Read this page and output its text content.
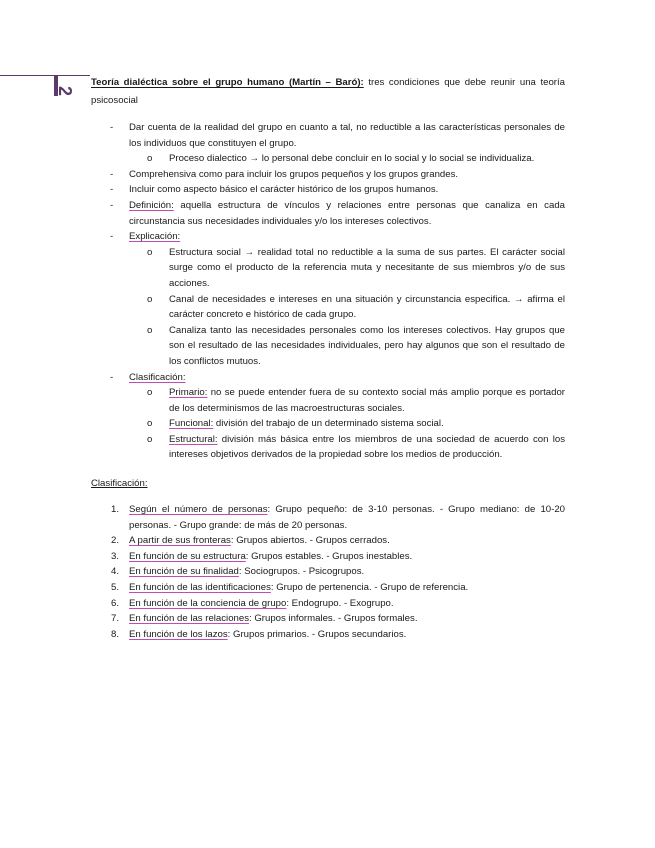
2
Teoría dialéctica sobre el grupo humano (Martín – Baró): tres condiciones que debe reunir una teoría psicosocial
- Dar cuenta de la realidad del grupo en cuanto a tal, no reductible a las características personales de los individuos que constituyen el grupo.
o Proceso dialectico → lo personal debe concluir en lo social y lo social se individualiza.
- Comprehensiva como para incluir los grupos pequeños y los grupos grandes.
- Incluir como aspecto básico el carácter histórico de los grupos humanos.
- Definición: aquella estructura de vínculos y relaciones entre personas que canaliza en cada circunstancia sus necesidades individuales y/o los intereses colectivos.
- Explicación:
o Estructura social → realidad total no reductible a la suma de sus partes. El carácter social surge como el producto de la referencia muta y necesitante de sus miembros y/o de sus acciones.
o Canal de necesidades e intereses en una situación y circunstancia especifica. → afirma el carácter concreto e histórico de cada grupo.
o Canaliza tanto las necesidades personales como los intereses colectivos. Hay grupos que son el resultado de las necesidades individuales, pero hay algunos que son el resultado de los conflictos mutuos.
- Clasificación:
o Primario: no se puede entender fuera de su contexto social más amplio porque es portador de los determinismos de las macroestructuras sociales.
o Funcional: división del trabajo de un determinado sistema social.
o Estructural: división más básica entre los miembros de una sociedad de acuerdo con los intereses objetivos derivados de la propiedad sobre los medios de producción.
Clasificación:
1. Según el número de personas: Grupo pequeño: de 3-10 personas. - Grupo mediano: de 10-20 personas. - Grupo grande: de más de 20 personas.
2. A partir de sus fronteras: Grupos abiertos. - Grupos cerrados.
3. En función de su estructura: Grupos estables. - Grupos inestables.
4. En función de su finalidad: Sociogrupos. - Psicogrupos.
5. En función de las identificaciones: Grupo de pertenencia. - Grupo de referencia.
6. En función de la conciencia de grupo: Endogrupo. - Exogrupo.
7. En función de las relaciones: Grupos informales. - Grupos formales.
8. En función de los lazos: Grupos primarios. - Grupos secundarios.
